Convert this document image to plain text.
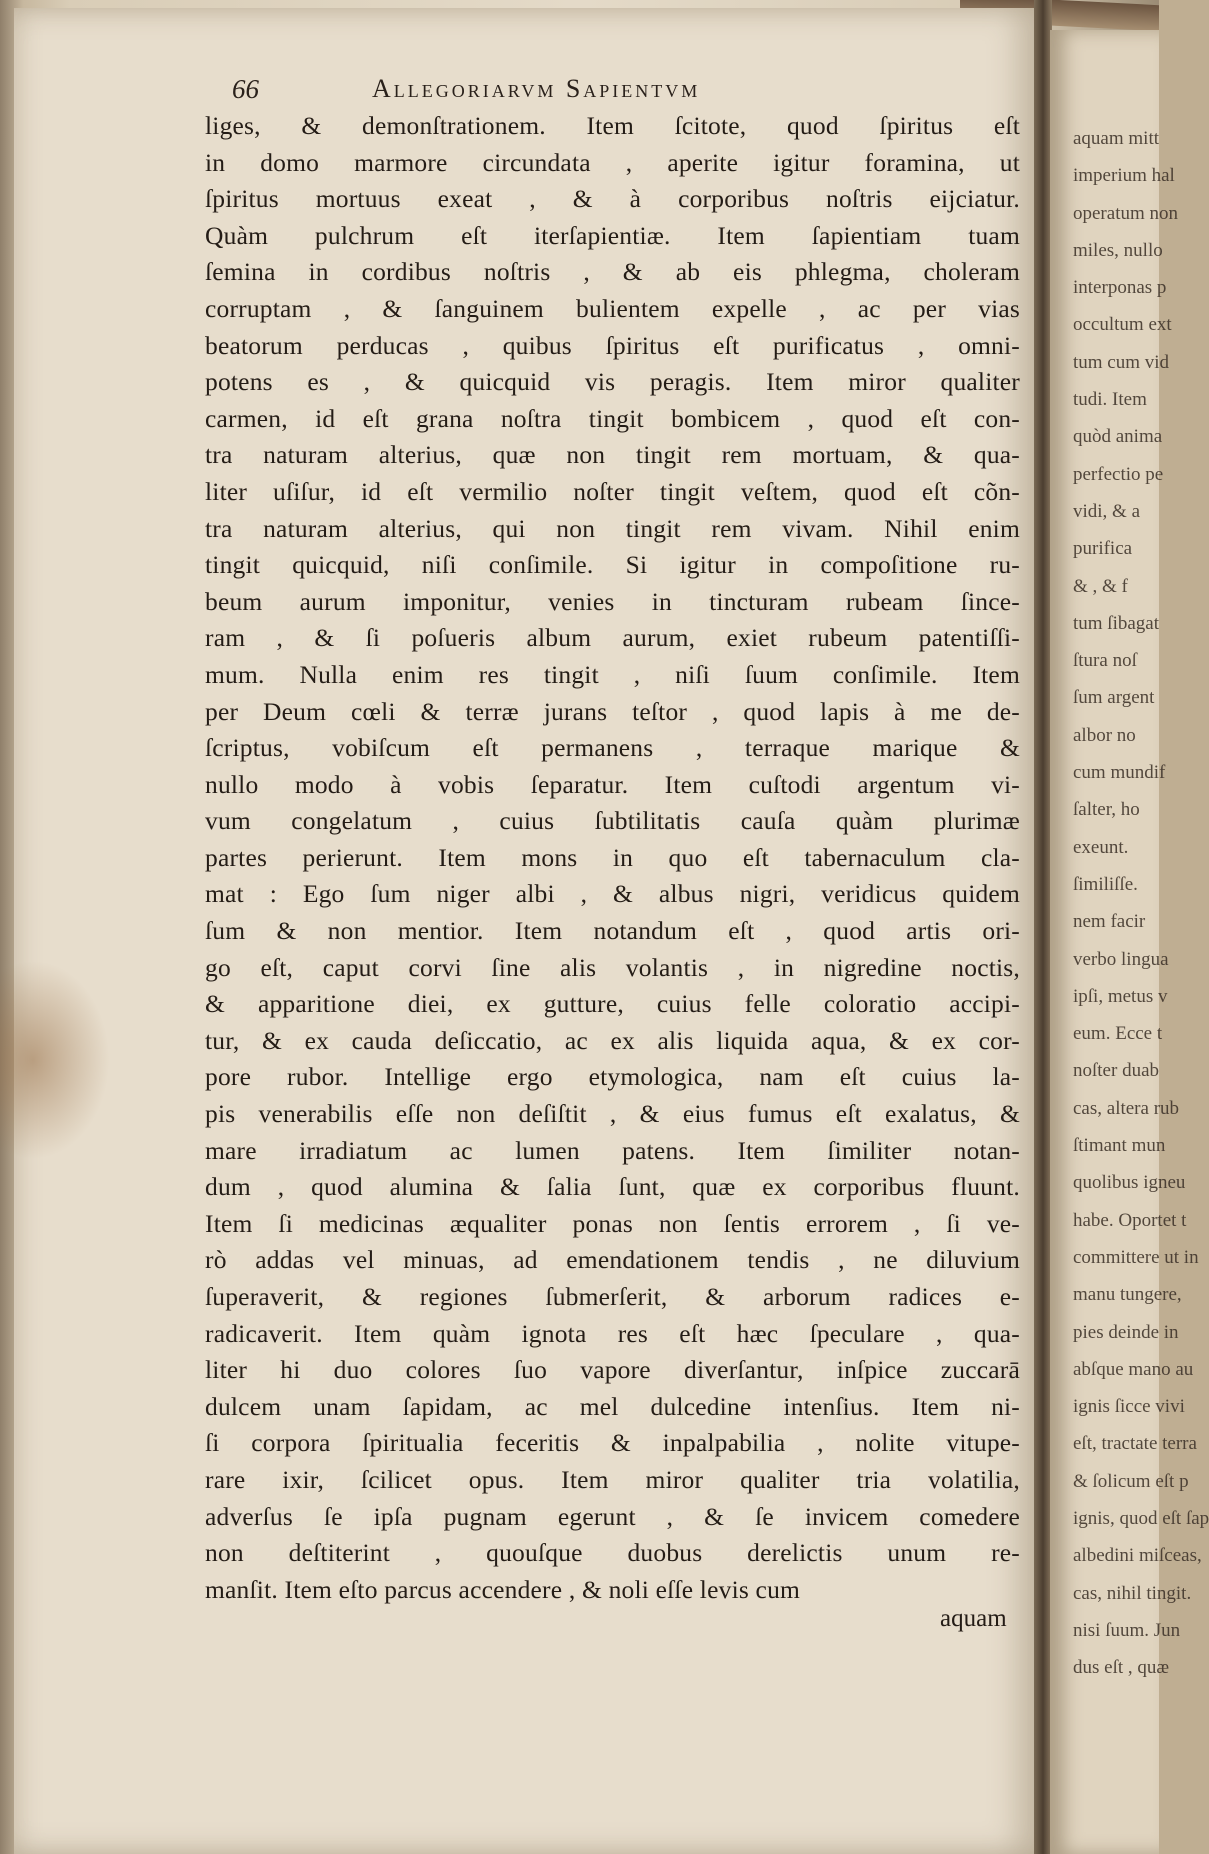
66	Allegoriarvm Sapientvm
liges, & demonſtrationem. Item ſcitote, quod ſpiritus eſt
in domo marmore circundata , aperite igitur foramina, ut
ſpiritus mortuus exeat , & à corporibus noſtris eijciatur.
Quàm pulchrum eſt iterſapientiæ. Item ſapientiam tuam
ſemina in cordibus noſtris , & ab eis phlegma, choleram
corruptam , & ſanguinem bulientem expelle , ac per vias
beatorum perducas , quibus ſpiritus eſt purificatus , omni-
potens es , & quicquid vis peragis. Item miror qualiter
carmen, id eſt grana noſtra tingit bombicem , quod eſt con-
tra naturam alterius, quæ non tingit rem mortuam, & qua-
liter uſiſur, id eſt vermilio noſter tingit veſtem, quod eſt cõn-
tra naturam alterius, qui non tingit rem vivam. Nihil enim
tingit quicquid, niſi conſimile. Si igitur in compoſitione ru-
beum aurum imponitur, venies in tincturam rubeam ſince-
ram , & ſi poſueris album aurum, exiet rubeum patentiſſi-
mum. Nulla enim res tingit , niſi ſuum conſimile. Item
per Deum cœli & terræ jurans teſtor , quod lapis à me de-
ſcriptus, vobiſcum eſt permanens , terraque marique &
nullo modo à vobis ſeparatur. Item cuſtodi argentum vi-
vum congelatum , cuius ſubtilitatis cauſa quàm plurimæ
partes perierunt. Item mons in quo eſt tabernaculum cla-
mat : Ego ſum niger albi , & albus nigri, veridicus quidem
ſum & non mentior. Item notandum eſt , quod artis ori-
go eſt, caput corvi ſine alis volantis , in nigredine noctis,
& apparitione diei, ex gutture, cuius felle coloratio accipi-
tur, & ex cauda deſiccatio, ac ex alis liquida aqua, & ex cor-
pore rubor. Intellige ergo etymologica, nam eſt cuius la-
pis venerabilis eſſe non deſiſtit , & eius fumus eſt exalatus, &
mare irradiatum ac lumen patens. Item ſimiliter notan-
dum , quod alumina & ſalia ſunt, quæ ex corporibus fluunt.
Item ſi medicinas æqualiter ponas non ſentis errorem , ſi ve-
rò addas vel minuas, ad emendationem tendis , ne diluvium
ſuperaverit, & regiones ſubmerſerit, & arborum radices e-
radicaverit. Item quàm ignota res eſt hæc ſpeculare , qua-
liter hi duo colores ſuo vapore diverſantur, inſpice zuccarā
dulcem unam ſapidam, ac mel dulcedine intenſius. Item ni-
ſi corpora ſpiritualia feceritis & inpalpabilia , nolite vitupe-
rare ixir, ſcilicet opus. Item miror qualiter tria volatilia,
adverſus ſe ipſa pugnam egerunt , & ſe invicem comedere
non deſtiterint , quouſque duobus derelictis unum re-
manſit. Item eſto parcus accendere , & noli eſſe levis cum
aquam
aquam mitt
imperium hal
operatum non
miles, nullo
interponas p
occultum ext
tum cum vid
tudi. Item
quòd anima
perfectio pe
vidi, & a
purifica
& , & f
tum ſibagat
ſtura noſ
ſum argent
albor no
cum mundif
ſalter, ho
exeunt.
ſimiliſſe.
nem facir
verbo lingua
ipſi, metus v
eum. Ecce t
noſter duab
cas, altera rub
ſtimant mun
quolibus igneu
habe. Oportet t
committere ut in
manu tungere,
pies deinde in
abſque mano au
ignis ſicce vivi
eſt, tractate terra
& ſolicum eſt p
ignis, quod eſt ſap
albedini miſceas,
cas, nihil tingit.
nisi ſuum. Jun
dus eſt , quæ
